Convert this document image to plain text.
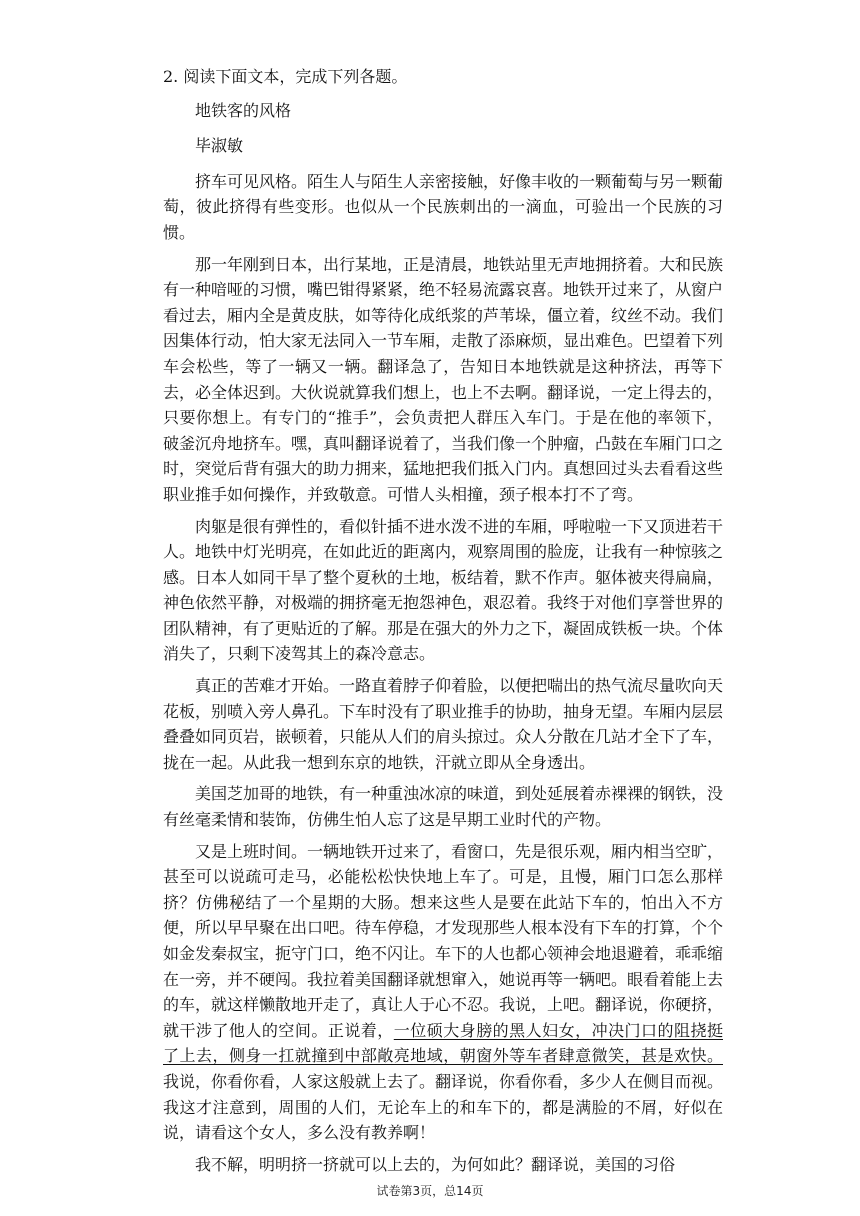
2. 阅读下面文本，完成下列各题。

地铁客的风格

毕淑敏

挤车可见风格。陌生人与陌生人亲密接触，好像丰收的一颗葡萄与另一颗葡萄，彼此挤得有些变形。也似从一个民族刺出的一滴血，可验出一个民族的习惯。

那一年刚到日本，出行某地，正是清晨，地铁站里无声地拥挤着。大和民族有一种喑哑的习惯，嘴巴钳得紧紧，绝不轻易流露哀喜。地铁开过来了，从窗户看过去，厢内全是黄皮肤，如等待化成纸浆的芦苇垛，僵立着，纹丝不动。我们因集体行动，怕大家无法同入一节车厢，走散了添麻烦，显出难色。巴望着下列车会松些，等了一辆又一辆。翻译急了，告知日本地铁就是这种挤法，再等下去，必全体迟到。大伙说就算我们想上，也上不去啊。翻译说，一定上得去的，只要你想上。有专门的“推手”，会负责把人群压入车门。于是在他的率领下，破釜沉舟地挤车。嘿，真叫翻译说着了，当我们像一个肿瘤，凸鼓在车厢门口之时，突觉后背有强大的助力拥来，猛地把我们抵入门内。真想回过头去看看这些职业推手如何操作，并致敬意。可惜人头相撞，颈子根本打不了弯。

肉躯是很有弹性的，看似针插不进水泼不进的车厢，呼啦啦一下又顶进若干人。地铁中灯光明亮，在如此近的距离内，观察周围的脸庞，让我有一种惊骇之感。日本人如同干旱了整个夏秋的土地，板结着，默不作声。躯体被夹得扁扁，神色依然平静，对极端的拥挤毫无抱怨神色，艰忍着。我终于对他们享誉世界的团队精神，有了更贴近的了解。那是在强大的外力之下，凝固成铁板一块。个体消失了，只剩下凌驾其上的森冷意志。

真正的苦难才开始。一路直着脖子仰着脸，以便把喘出的热气流尽量吹向天花板，别喷入旁人鼻孔。下车时没有了职业推手的协助，抽身无望。车厢内层层叠叠如同页岩，嵌顿着，只能从人们的肩头掠过。众人分散在几站才全下了车，拢在一起。从此我一想到东京的地铁，汗就立即从全身透出。

美国芝加哥的地铁，有一种重浊冰凉的味道，到处延展着赤裸裸的钢铁，没有丝毫柔情和装饰，仿佛生怕人忘了这是早期工业时代的产物。

又是上班时间。一辆地铁开过来了，看窗口，先是很乐观，厢内相当空旷，甚至可以说疏可走马，必能松松快快地上车了。可是，且慢，厢门口怎么那样挤？仿佛秘结了一个星期的大肠。想来这些人是要在此站下车的，怕出入不方便，所以早早聚在出口吧。待车停稳，才发现那些人根本没有下车的打算，个个如金发秦叔宝，扼守门口，绝不闪让。车下的人也都心领神会地退避着，乖乖缩在一旁，并不硬闯。我拉着美国翻译就想窜入，她说再等一辆吧。眼看着能上去的车，就这样懒散地开走了，真让人于心不忍。我说，上吧。翻译说，你硬挤，就干涉了他人的空间。正说着，一位硕大身膀的黑人妇女，冲决门口的阻挠挺了上去，侧身一扛就撞到中部敞亮地域，朝窗外等车者肆意微笑，甚是欢快。我说，你看你看，人家这般就上去了。翻译说，你看你看，多少人在侧目而视。我这才注意到，周围的人们，无论车上的和车下的，都是满脸的不屑，好似在说，请看这个女人，多么没有教养啊！

我不解，明明挤一挤就可以上去的，为何如此？翻译说，美国的习俗

试卷第3页，总14页
